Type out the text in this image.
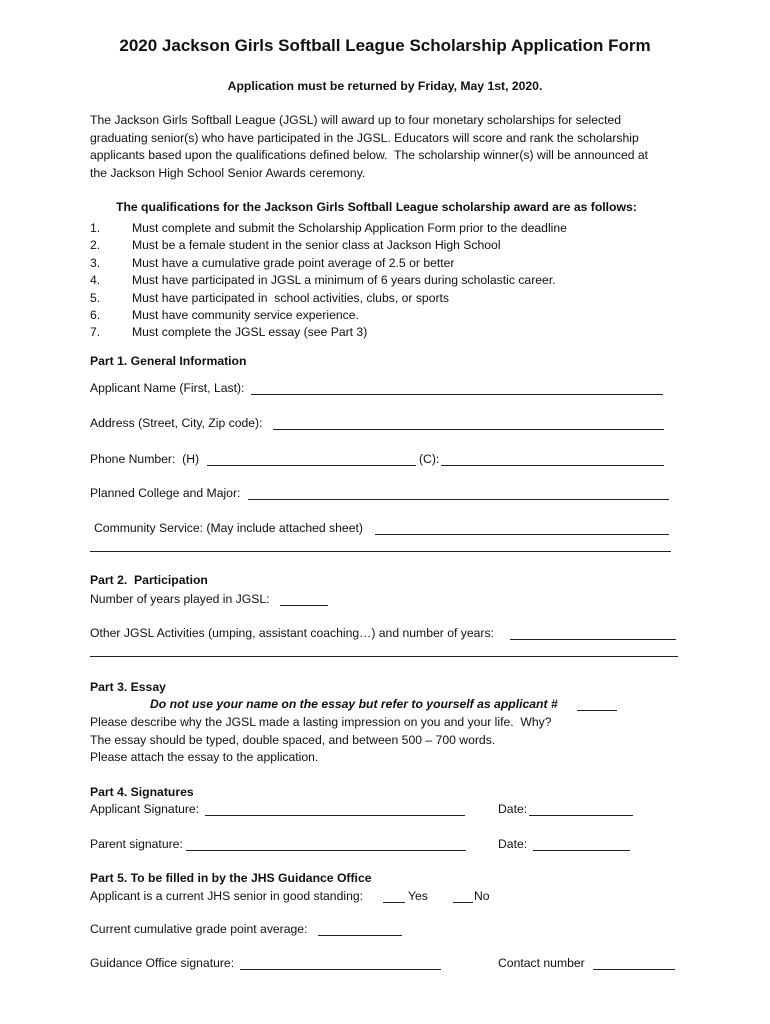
2020 Jackson Girls Softball League Scholarship Application Form
Application must be returned by Friday, May 1st, 2020.
The Jackson Girls Softball League (JGSL) will award up to four monetary scholarships for selected
graduating senior(s) who have participated in the JGSL. Educators will score and rank the scholarship
applicants based upon the qualifications defined below.  The scholarship winner(s) will be announced at
the Jackson High School Senior Awards ceremony.
The qualifications for the Jackson Girls Softball League scholarship award are as follows:
1.	Must complete and submit the Scholarship Application Form prior to the deadline
2.	Must be a female student in the senior class at Jackson High School
3.	Must have a cumulative grade point average of 2.5 or better
4.	Must have participated in JGSL a minimum of 6 years during scholastic career.
5.	Must have participated in  school activities, clubs, or sports
6.	Must have community service experience.
7.	Must complete the JGSL essay (see Part 3)
Part 1. General Information
Applicant Name (First, Last):
Address (Street, City, Zip code):
Phone Number:  (H)	(C):
Planned College and Major:
Community Service: (May include attached sheet)
Part 2.  Participation
Number of years played in JGSL:
Other JGSL Activities (umping, assistant coaching…) and number of years:
Part 3. Essay
Do not use your name on the essay but refer to yourself as applicant #
Please describe why the JGSL made a lasting impression on you and your life.  Why?
The essay should be typed, double spaced, and between 500 – 700 words.
Please attach the essay to the application.
Part 4. Signatures
Applicant Signature:	Date:
Parent signature:	Date:
Part 5. To be filled in by the JHS Guidance Office
Applicant is a current JHS senior in good standing:	Yes	No
Current cumulative grade point average:
Guidance Office signature:	Contact number
